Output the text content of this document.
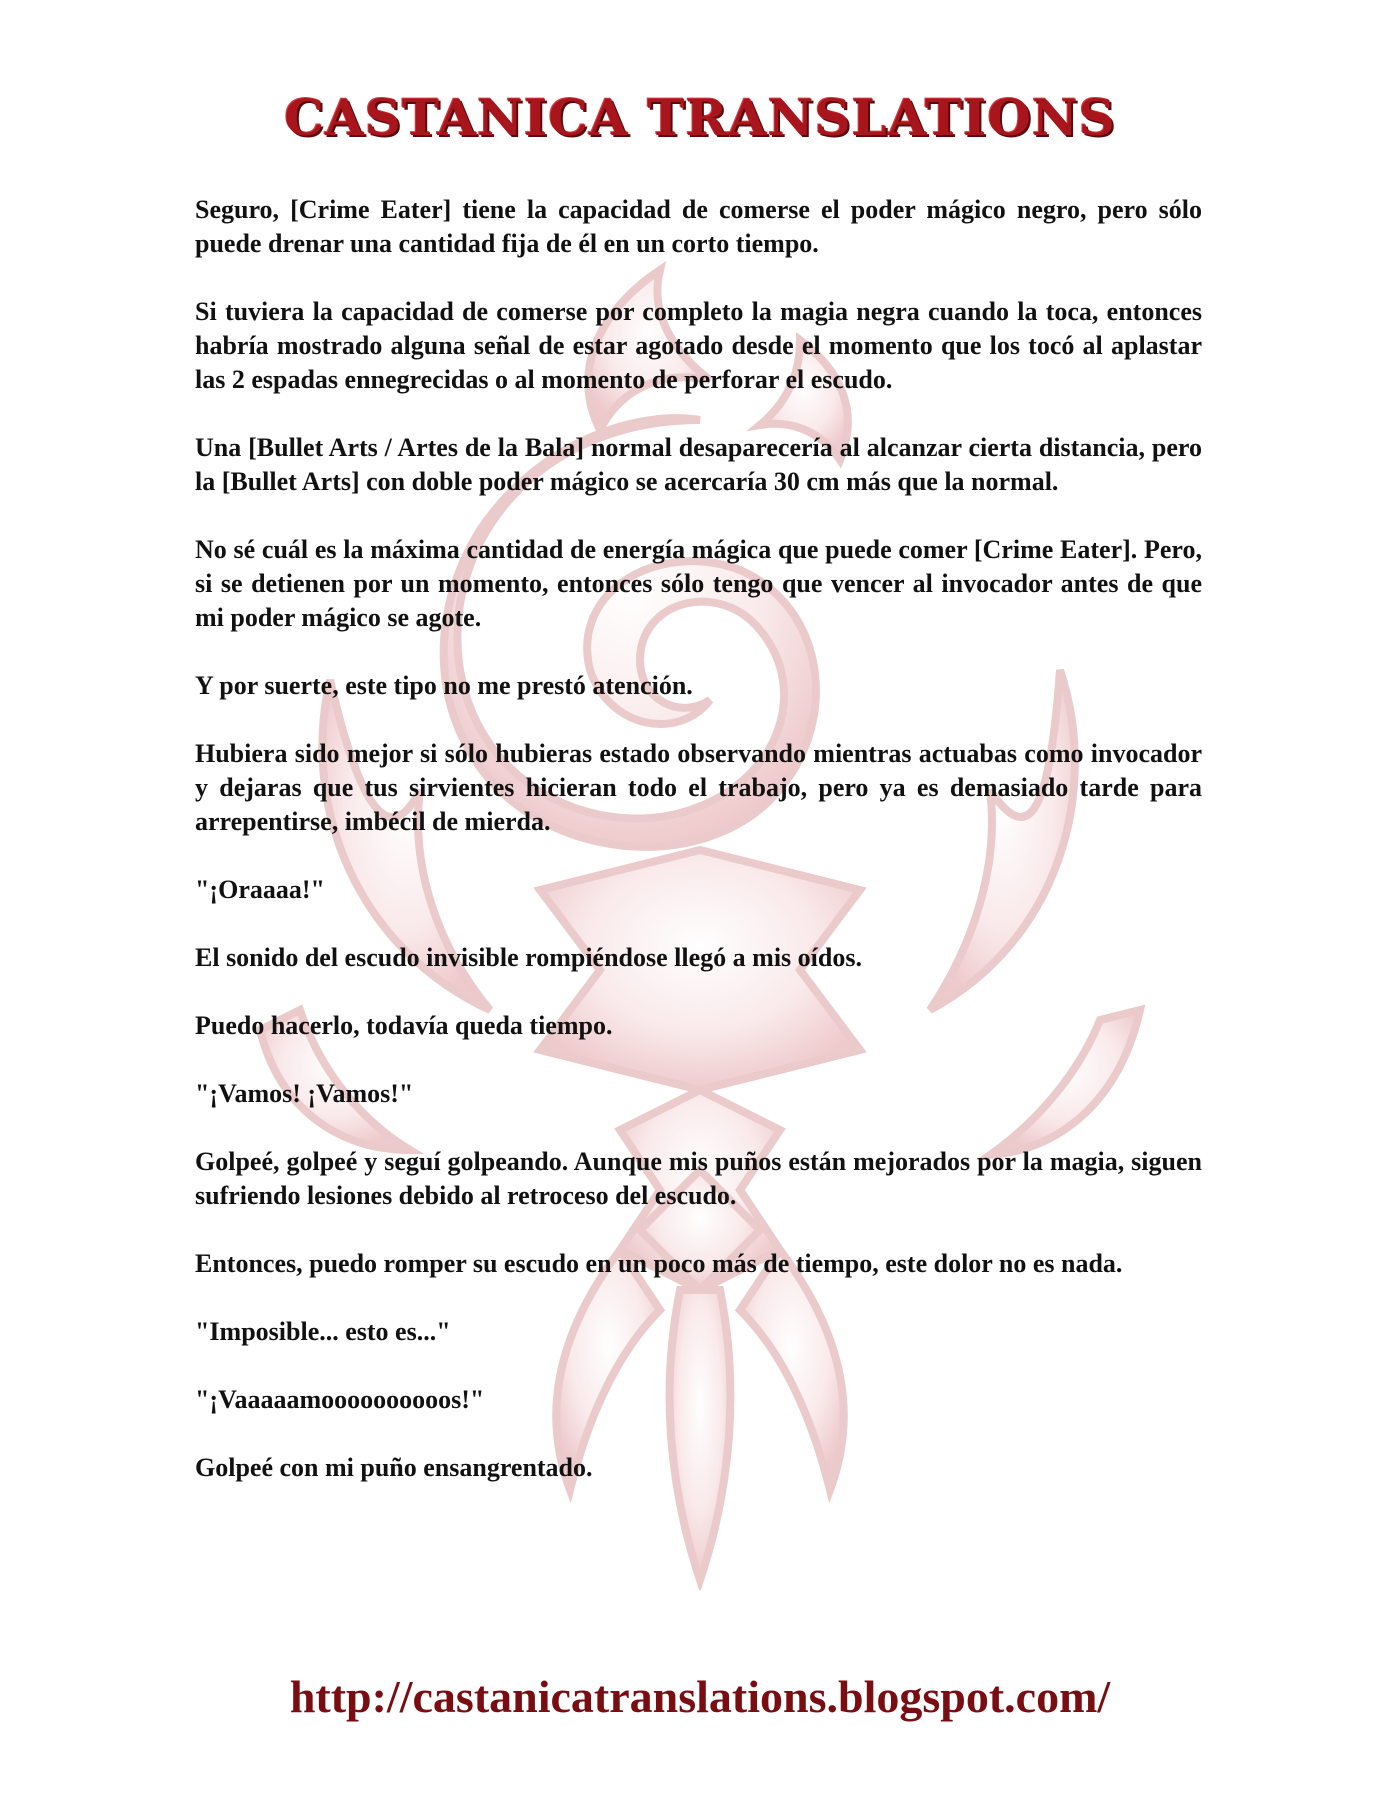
CASTANICA TRANSLATIONS

Seguro, [Crime Eater] tiene la capacidad de comerse el poder mágico negro, pero sólo puede drenar una cantidad fija de él en un corto tiempo.

Si tuviera la capacidad de comerse por completo la magia negra cuando la toca, entonces habría mostrado alguna señal de estar agotado desde el momento que los tocó al aplastar las 2 espadas ennegrecidas o al momento de perforar el escudo.

Una [Bullet Arts / Artes de la Bala] normal desaparecería al alcanzar cierta distancia, pero la [Bullet Arts] con doble poder mágico se acercaría 30 cm más que la normal.

No sé cuál es la máxima cantidad de energía mágica que puede comer [Crime Eater]. Pero, si se detienen por un momento, entonces sólo tengo que vencer al invocador antes de que mi poder mágico se agote.

Y por suerte, este tipo no me prestó atención.

Hubiera sido mejor si sólo hubieras estado observando mientras actuabas como invocador y dejaras que tus sirvientes hicieran todo el trabajo, pero ya es demasiado tarde para arrepentirse, imbécil de mierda.

"¡Oraaaa!"

El sonido del escudo invisible rompiéndose llegó a mis oídos.

Puedo hacerlo, todavía queda tiempo.

"¡Vamos! ¡Vamos!"

Golpeé, golpeé y seguí golpeando. Aunque mis puños están mejorados por la magia, siguen sufriendo lesiones debido al retroceso del escudo.

Entonces, puedo romper su escudo en un poco más de tiempo, este dolor no es nada.

"Imposible... esto es..."

"¡Vaaaaamoooooooooos!"

Golpeé con mi puño ensangrentado.

http://castanicatranslations.blogspot.com/
